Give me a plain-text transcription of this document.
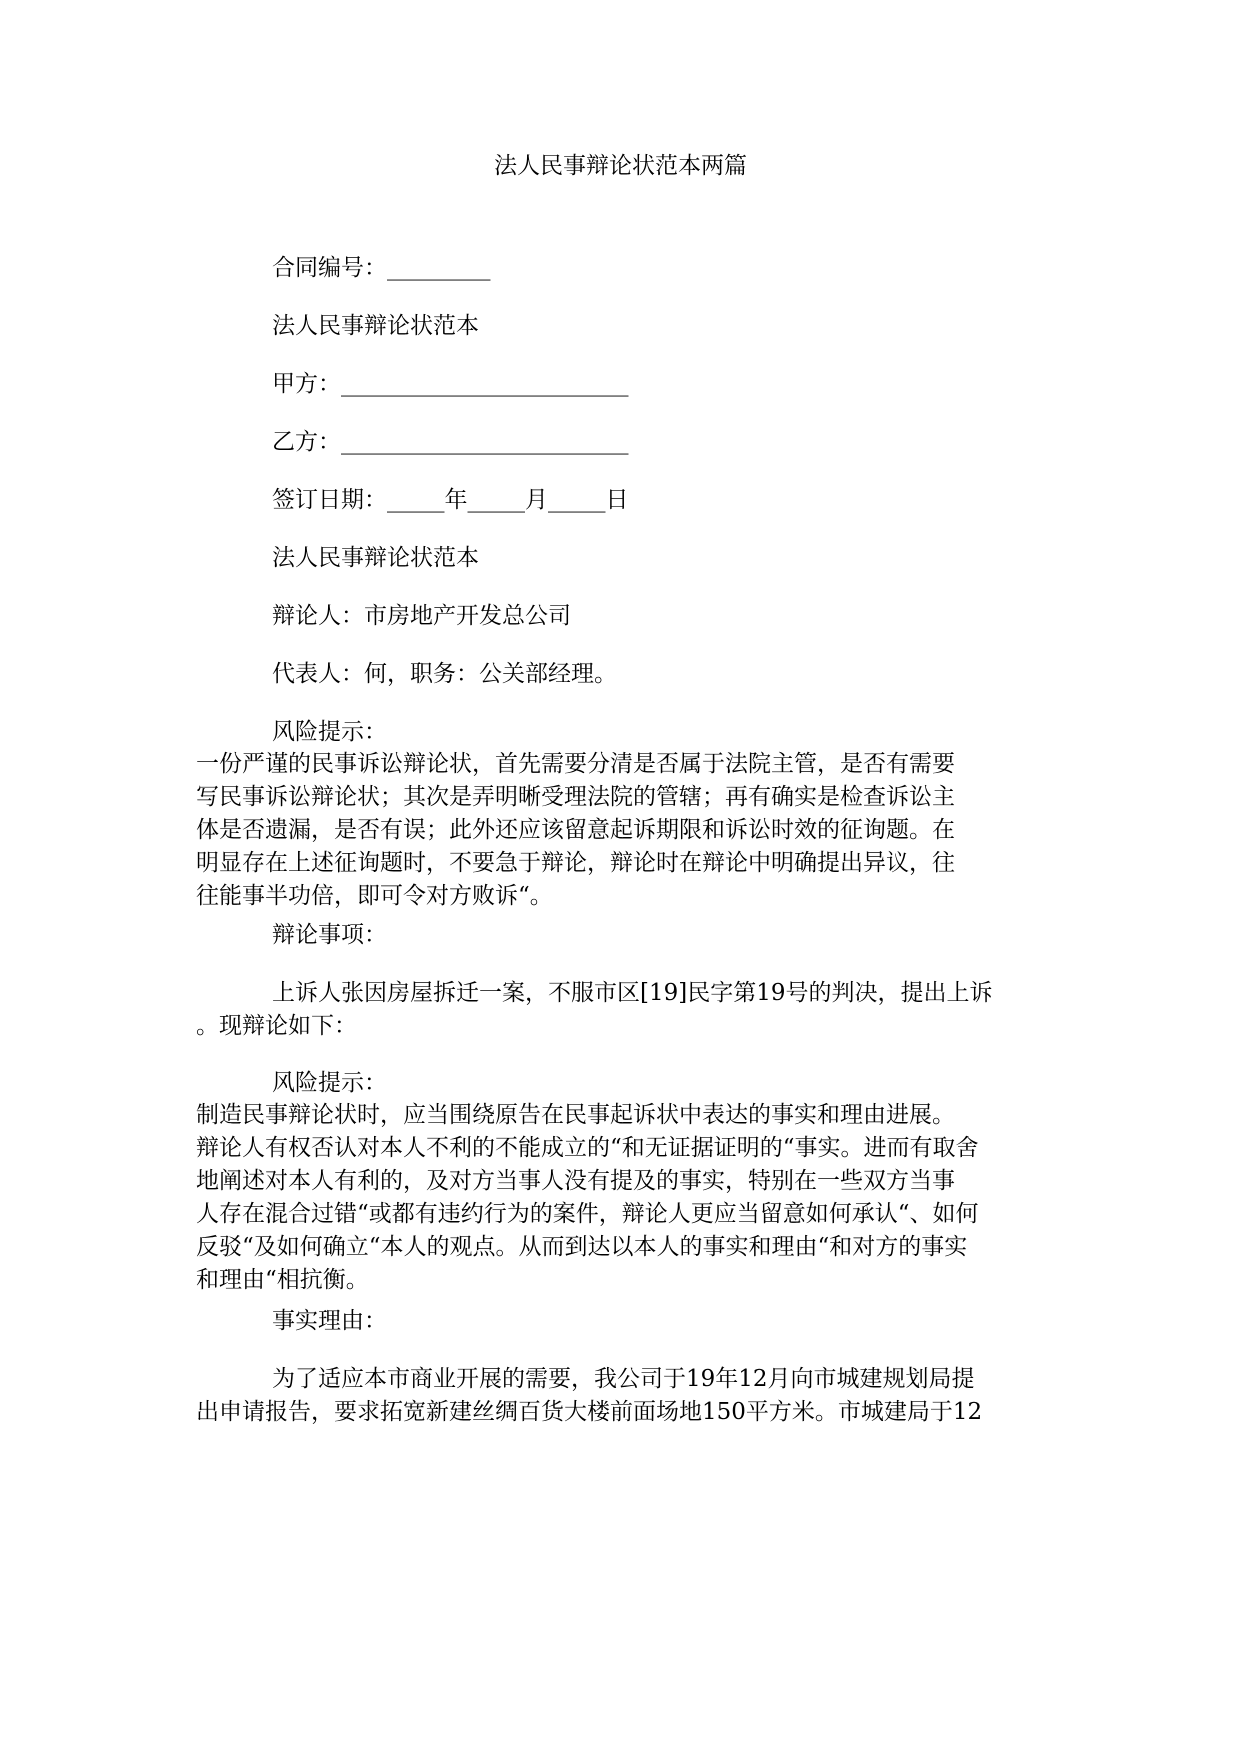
法人民事辩论状范本两篇
合同编号：_________
法人民事辩论状范本
甲方：_________________________
乙方：_________________________
签订日期：_____年_____月_____日
法人民事辩论状范本
辩论人：市房地产开发总公司
代表人：何，职务：公关部经理。
风险提示：
一份严谨的民事诉讼辩论状，首先需要分清是否属于法院主管，是否有需要
写民事诉讼辩论状；其次是弄明晰受理法院的管辖；再有确实是检查诉讼主
体是否遗漏，是否有误；此外还应该留意起诉期限和诉讼时效的征询题。在
明显存在上述征询题时，不要急于辩论，辩论时在辩论中明确提出异议，往
往能事半功倍，即可令对方败诉“。
辩论事项：
上诉人张因房屋拆迁一案，不服市区[19]民字第19号的判决，提出上诉
。现辩论如下：
风险提示：
制造民事辩论状时，应当围绕原告在民事起诉状中表达的事实和理由进展。
辩论人有权否认对本人不利的不能成立的“和无证据证明的“事实。进而有取舍
地阐述对本人有利的，及对方当事人没有提及的事实，特别在一些双方当事
人存在混合过错“或都有违约行为的案件，辩论人更应当留意如何承认“、如何
反驳“及如何确立“本人的观点。从而到达以本人的事实和理由“和对方的事实
和理由“相抗衡。
事实理由：
为了适应本市商业开展的需要，我公司于19年12月向市城建规划局提
出申请报告，要求拓宽新建丝绸百货大楼前面场地150平方米。市城建局于12
